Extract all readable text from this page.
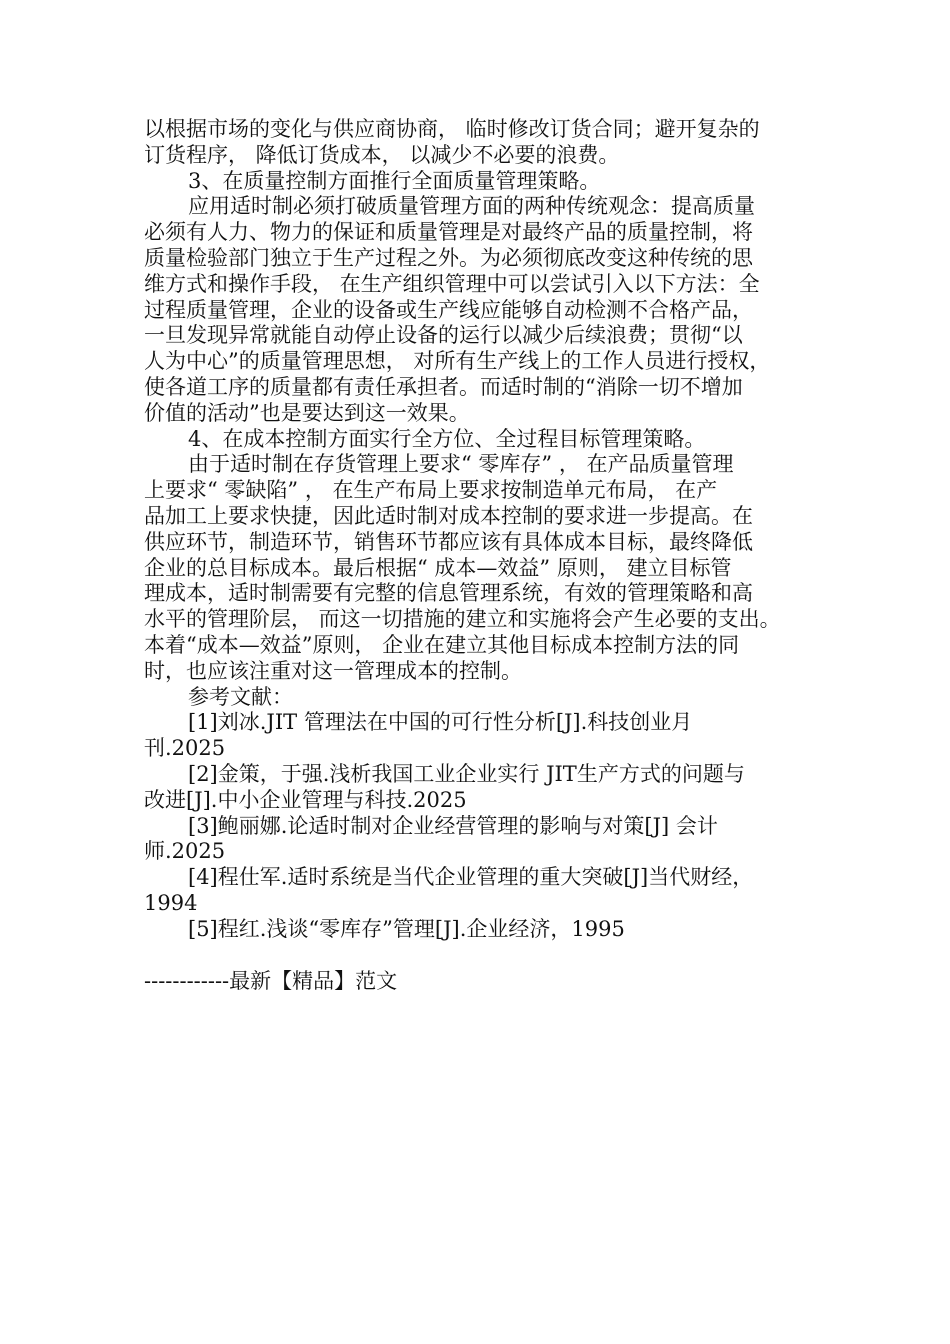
以根据市场的变化与供应商协商， 临时修改订货合同；避开复杂的
订货程序， 降低订货成本， 以减少不必要的浪费。
3、在质量控制方面推行全面质量管理策略。
应用适时制必须打破质量管理方面的两种传统观念：提高质量
必须有人力、物力的保证和质量管理是对最终产品的质量控制，将
质量检验部门独立于生产过程之外。为必须彻底改变这种传统的思
维方式和操作手段， 在生产组织管理中可以尝试引入以下方法：全
过程质量管理，企业的设备或生产线应能够自动检测不合格产品，
一旦发现异常就能自动停止设备的运行以减少后续浪费；贯彻“以
人为中心”的质量管理思想， 对所有生产线上的工作人员进行授权，
使各道工序的质量都有责任承担者。而适时制的“消除一切不增加
价值的活动”也是要达到这一效果。
4、在成本控制方面实行全方位、全过程目标管理策略。
由于适时制在存货管理上要求“ 零库存” ， 在产品质量管理
上要求“ 零缺陷” ， 在生产布局上要求按制造单元布局， 在产
品加工上要求快捷，因此适时制对成本控制的要求进一步提高。在
供应环节，制造环节，销售环节都应该有具体成本目标，最终降低
企业的总目标成本。最后根据“ 成本—效益” 原则， 建立目标管
理成本，适时制需要有完整的信息管理系统，有效的管理策略和高
水平的管理阶层， 而这一切措施的建立和实施将会产生必要的支出。
本着“成本—效益”原则， 企业在建立其他目标成本控制方法的同
时，也应该注重对这一管理成本的控制。
参考文献：
[1]刘冰.JIT 管理法在中国的可行性分析[J].科技创业月
刊.2025
[2]金策，于强.浅析我国工业企业实行 JIT生产方式的问题与
改进[J].中小企业管理与科技.2025
[3]鲍丽娜.论适时制对企业经营管理的影响与对策[J] 会计
师.2025
[4]程仕军.适时系统是当代企业管理的重大突破[J]当代财经，
1994
[5]程红.浅谈“零库存”管理[J].企业经济，1995
------------最新【精品】范文
